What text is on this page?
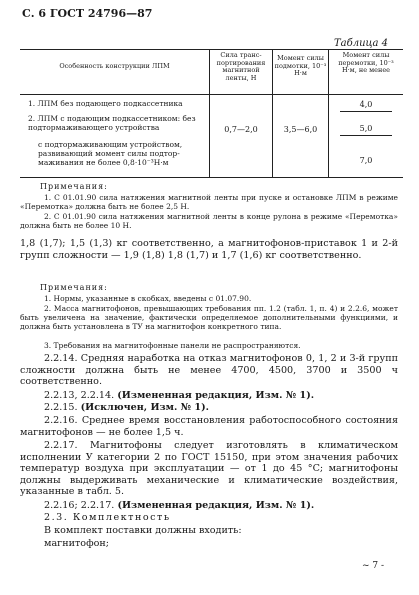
С. 6 ГОСТ 24796—87
Таблица 4
Особенность конструкции ЛПМ
Сила транс-портирования магнитной ленты, Н
Момент силы подмотки, 10⁻³ Н·м
Момент силы перемотки, 10⁻³ Н·м, не менее
1. ЛПМ без подающего подкассетника
2. ЛПМ с подающим подкассетником: без подтормаживающего устройства
с подтормаживающим устройством, развивающий момент силы подтор-маживания не более 0,8·10⁻³Н·м
0,7—2,0	3,5—6,0
4,0
5,0
7,0
Примечания:
1. С 01.01.90 сила натяжения магнитной ленты при пуске и остановке ЛПМ в режиме «Перемотка» должна быть не более 2,5 Н.
2. С 01.01.90 сила натяжения магнитной ленты в конце рулона в режиме «Перемотка» должна быть не более 10 Н.
1,8 (1,7); 1,5 (1,3) кг соответственно, а магнитофонов-приставок 1 и 2-й групп сложности — 1,9 (1,8) 1,8 (1,7) и 1,7 (1,6) кг соответственно.
Примечания:
1. Нормы, указанные в скобках, введены с 01.07.90.
2. Масса магнитофонов, превышающих требования пп. 1.2 (табл. 1, п. 4) и 2.2.6, может быть увеличена на значение, фактически определяемое дополнительными функциями, и должна быть установлена в ТУ на магнитофон конкретного типа.
3. Требования на магнитофонные панели не распространяются.
2.2.14. Средняя наработка на отказ магнитофонов 0, 1, 2 и 3-й групп сложности должна быть не менее 4700, 4500, 3700 и 3500 ч соответственно.
2.2.13, 2.2.14. (Измененная редакция, Изм. № 1).
2.2.15. (Исключен, Изм. № 1).
2.2.16. Среднее время восстановления работоспособного состояния магнитофонов — не более 1,5 ч.
2.2.17. Магнитофоны следует изготовлять в климатическом исполнении У категории 2 по ГОСТ 15150, при этом значения рабочих температур воздуха при эксплуатации — от 1 до 45 °С; магнитофоны должны выдерживать механические и климатические воздействия, указанные в табл. 5.
2.2.16; 2.2.17. (Измененная редакция, Изм. № 1).
2.3. Комплектность
В комплект поставки должны входить:
магнитофон;
~ 7 -
